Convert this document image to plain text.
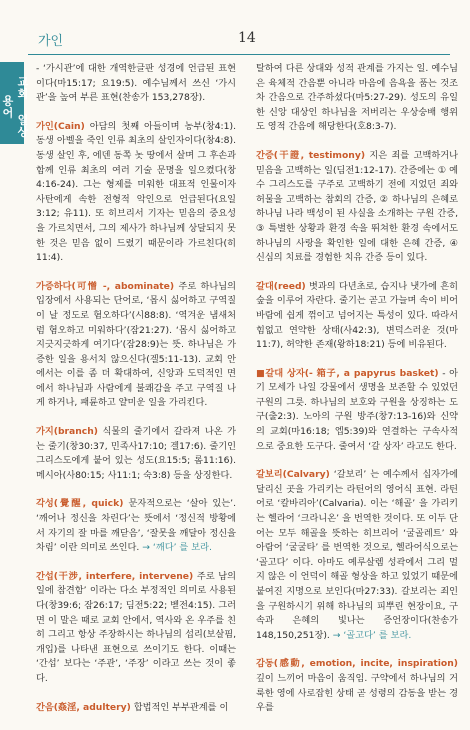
교회 일상 용어
가인	14

- ‘가시관’에 대한 개역한글판 성경에 언급된 표현이다(마15:17; 요19:5). 예수님께서 쓰신 ‘가시관’을 높여 부른 표현(찬송가 153,278장).

가인(Cain) 아담의 첫째 아들이며 농부(창4:1). 동생 아벨을 죽인 인류 최초의 살인자이다(창4:8). 동생 살인 후, 에덴 동쪽 놋 땅에서 살며 그 후손과 함께 인류 최초의 여러 기술 문명을 일으켰다(창4:16-24). 그는 형제를 미워한 대표적 인물이자 사탄에게 속한 전형적 악인으로 언급된다(요일3:12; 유11). 또 히브리서 기자는 믿음의 중요성을 가르치면서, 그의 제사가 하나님께 상달되지 못한 것은 믿음 없이 드렸기 때문이라 가르친다(히11:4).

가증하다(可憎 -, abominate) 주로 하나님의 입장에서 사용되는 단어로, ‘몹시 싫어하고 구역질이 날 정도로 혐오하다’(시88:8). ‘역겨운 냄새처럼 혐오하고 미워하다’(잠21:27). ‘몹시 싫어하고 지긋지긋하게 여기다’(잠28:9)는 뜻. 하나님은 가증한 일을 용서치 않으신다(겔5:11-13). 교회 안에서는 이를 좀 더 확대하여, 신앙과 도덕적인 면에서 하나님과 사람에게 불쾌감을 주고 구역질 나게 하거나, 패륜하고 얄미운 일을 가리킨다.

가지(branch) 식물의 줄기에서 갈라져 나온 가는 줄기(창30:37, 민족사17:10; 겔17:6). 줄기인 그리스도에게 붙어 있는 성도(요15:5; 롬11:16). 메시아(사80:15; 사11:1; 숙3:8) 등을 상징한다.

각성(覺醒, quick) 문자적으로는 ‘살아 있는’. ‘깨어나 정신을 차린다’는 뜻에서 ‘정신적 방황에서 자기의 잘 마를 깨닫음’, ‘잘못을 깨달아 정신을 차림’ 이란 의미로 쓰인다. → ‘깨다’ 를 보라.

간섭(干涉, interfere, intervene) 주로 남의 일에 참견함’ 이라는 다소 부정적인 의미로 사용된다(창39:6; 잠26:17; 딤전5:22; 벧전4:15). 그러면 이 말은 때로 교회 안에서, 역사와 온 우주를 친히 그리고 항상 주장하시는 하나님의 섭리(보살핌, 개입)를 나타낸 표현으로 쓰이기도 한다. 이때는 ‘간섭’ 보다는 ‘주관’, ‘주장’ 이라고 쓰는 것이 좋다.

간음(姦淫, adultery) 합법적인 부부관계를 이

탈하여 다른 상대와 성적 관계를 가지는 일. 예수님은 육체적 간음뿐 아니라 마음에 음욕을 품는 것조차 간음으로 간주하셨다(마5:27-29). 성도의 유일한 신앙 대상인 하나님을 저버리는 우상숭배 행위도 영적 간음에 해당한다(호8:3-7).

간증(干證, testimony) 지은 죄를 고백하거나 믿음을 고백하는 일(딤전1:12-17). 간증에는 ① 예수 그리스도를 구주로 고백하기 전에 지었던 죄와 허물을 고백하는 참회의 간증, ② 하나님의 은혜로 하나님 나라 백성이 된 사실을 소개하는 구원 간증, ③ 특별한 상황과 환경 속을 뛰쳐한 환경 속에서도 하나님의 사랑을 확인한 일에 대한 은혜 간증, ④ 신심의 치료를 경험한 치유 간증 등이 있다.

갈대(reed) 볏과의 다년초로, 습지나 냇가에 흔히 숲을 이루어 자란다. 줄기는 곧고 가늘며 속이 비어 바람에 쉽게 꺾이고 넘어지는 특성이 있다. 따라서 힘없고 연약한 상태(사42:3), 변덕스러운 것(마11:7), 허약한 존재(왕하18:21) 등에 비유된다.

■갈대 상자(- 箱子, a papyrus basket) - 아기 모세가 나일 강물에서 생명을 보존할 수 있었던 구원의 그릇. 하나님의 보호와 구원을 상징하는 도구(출2:3). 노아의 구원 방주(창7:13-16)와 신약의 교회(마16:18; 엡5:39)와 연결하는 구속사적으로 중요한 도구다. 줄여서 ‘갈 상자’ 라고도 한다.

갈보리(Calvary) ‘갈보리’ 는 예수께서 십자가에 달리신 곳을 가리키는 라틴어의 영어식 표현. 라틴어로 ‘칼바리아’(Calvaria). 이는 ‘해골’ 을 가리키는 헬라어 ‘크라니온’ 을 번역한 것이다. 또 이두 단어는 모두 해골을 뜻하는 히브리어 ‘굴골레트’ 와 아람어 ‘굴굴타’ 를 번역한 것으로, 헬라어식으로는 ‘골고다’ 이다. 아마도 예루살렘 성곽에서 그리 멀지 않은 이 언덕이 해골 형상을 하고 있었기 때문에 붙여진 지명으로 보인다(마27:33). 갈보리는 죄인을 구원하시기 위해 하나님의 피뿌린 현장이요, 구속과 은혜의 빛나는 증언장이다(찬송가 148,150,251장). → ‘골고다’ 를 보라.

감동(感動, emotion, incite, inspiration) 깊이 느끼어 마음이 움직임. 구약에서 하나님의 거룩한 영에 사로잡힌 상태 곧 성령의 감동을 받는 경우를
